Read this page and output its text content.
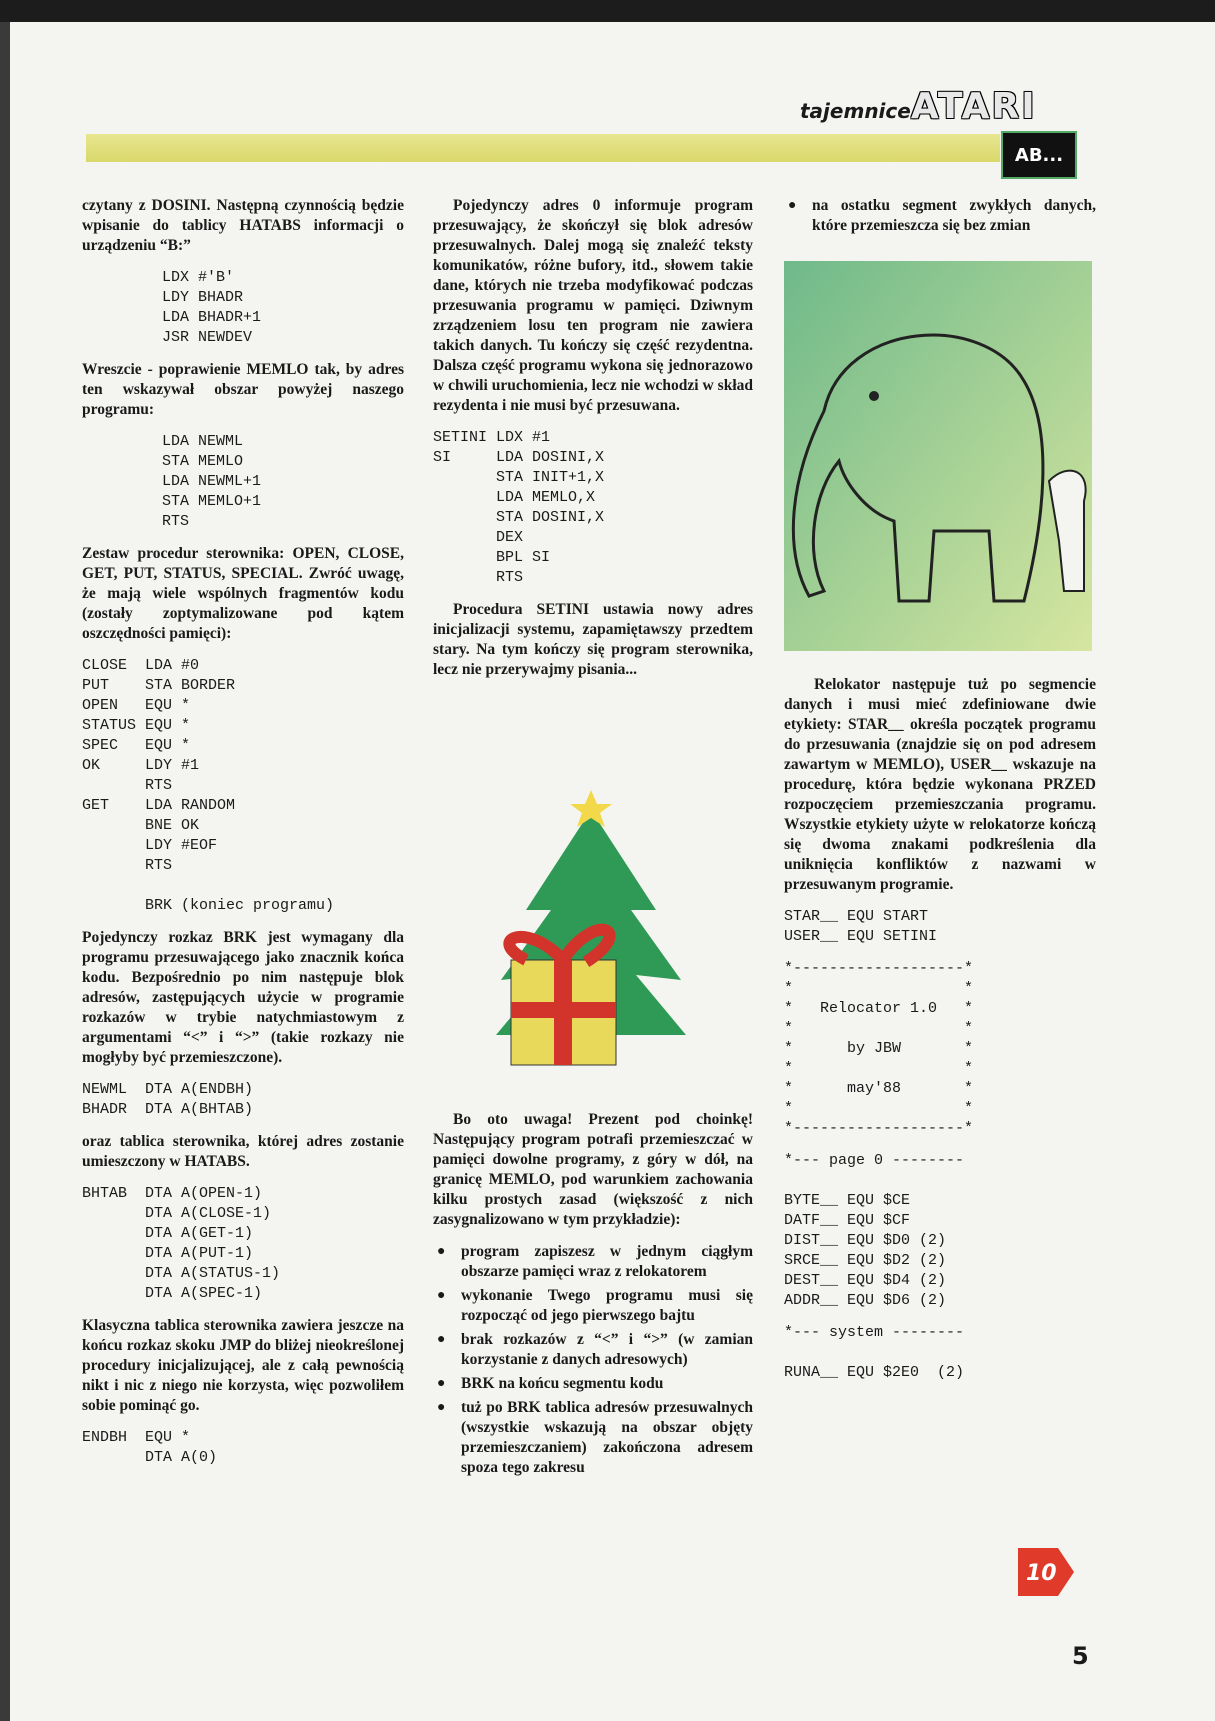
tajemniceATARI
AB...

czytany z DOSINI. Następną czynnością będzie wpisanie do tablicy HATABS informacji o urządzeniu “B:”

LDX #'B'
LDY BHADR
LDA BHADR+1
JSR NEWDEV

Wreszcie - poprawienie MEMLO tak, by adres ten wskazywał obszar powyżej naszego programu:

LDA NEWML
STA MEMLO
LDA NEWML+1
STA MEMLO+1
RTS

Zestaw procedur sterownika: OPEN, CLOSE, GET, PUT, STATUS, SPECIAL. Zwróć uwagę, że mają wiele wspólnych fragmentów kodu (zostały zoptymalizowane pod kątem oszczędności pamięci):

CLOSE  LDA #0
PUT    STA BORDER
OPEN   EQU *
STATUS EQU *
SPEC   EQU *
OK     LDY #1
RTS
GET    LDA RANDOM
BNE OK
LDY #EOF
RTS

BRK (koniec programu)

Pojedynczy rozkaz BRK jest wymagany dla programu przesuwającego jako znacznik końca kodu. Bezpośrednio po nim następuje blok adresów, zastępujących użycie w programie rozkazów w trybie natychmiastowym z argumentami “<” i “>” (takie rozkazy nie mogłyby być przemieszczone).

NEWML  DTA A(ENDBH)
BHADR  DTA A(BHTAB)

oraz tablica sterownika, której adres zostanie umieszczony w HATABS.

BHTAB  DTA A(OPEN-1)
DTA A(CLOSE-1)
DTA A(GET-1)
DTA A(PUT-1)
DTA A(STATUS-1)
DTA A(SPEC-1)

Klasyczna tablica sterownika zawiera jeszcze na końcu rozkaz skoku JMP do bliżej nieokreślonej procedury inicjalizującej, ale z całą pewnością nikt i nic z niego nie korzysta, więc pozwoliłem sobie pominąć go.

ENDBH  EQU *
DTA A(0)

Pojedynczy adres 0 informuje program przesuwający, że skończył się blok adresów przesuwalnych. Dalej mogą się znaleźć teksty komunikatów, różne bufory, itd., słowem takie dane, których nie trzeba modyfikować podczas przesuwania programu w pamięci. Dziwnym zrządzeniem losu ten program nie zawiera takich danych. Tu kończy się część rezydentna. Dalsza część programu wykona się jednorazowo w chwili uruchomienia, lecz nie wchodzi w skład rezydenta i nie musi być przesuwana.

SETINI LDX #1
SI     LDA DOSINI,X
STA INIT+1,X
LDA MEMLO,X
STA DOSINI,X
DEX
BPL SI
RTS

Procedura SETINI ustawia nowy adres inicjalizacji systemu, zapamiętawszy przedtem stary. Na tym kończy się program sterownika, lecz nie przerywajmy pisania...

Bo oto uwaga! Prezent pod choinkę! Następujący program potrafi przemieszczać w pamięci dowolne programy, z góry w dół, na granicę MEMLO, pod warunkiem zachowania kilku prostych zasad (większość z nich zasygnalizowano w tym przykładzie):

● program zapiszesz w jednym ciągłym obszarze pamięci wraz z relokatorem
● wykonanie Twego programu musi się rozpocząć od jego pierwszego bajtu
● brak rozkazów z “<” i “>” (w zamian korzystanie z danych adresowych)
● BRK na końcu segmentu kodu
● tuż po BRK tablica adresów przesuwalnych (wszystkie wskazują na obszar objęty przemieszczaniem) zakończona adresem spoza tego zakresu
● na ostatku segment zwykłych danych, które przemieszcza się bez zmian

Relokator następuje tuż po segmencie danych i musi mieć zdefiniowane dwie etykiety: STAR__ określa początek programu do przesuwania (znajdzie się on pod adresem zawartym w MEMLO), USER__ wskazuje na procedurę, która będzie wykonana PRZED rozpoczęciem przemieszczania programu. Wszystkie etykiety użyte w relokatorze kończą się dwoma znakami podkreślenia dla uniknięcia konfliktów z nazwami w przesuwanym programie.

STAR__ EQU START
USER__ EQU SETINI
*-------------------*
*                   *
*   Relocator 1.0   *
*                   *
*      by JBW       *
*                   *
*      may'88       *
*                   *
*-------------------*
*--- page 0 --------

BYTE__ EQU $CE
DATF__ EQU $CF
DIST__ EQU $D0 (2)
SRCE__ EQU $D2 (2)
DEST__ EQU $D4 (2)
ADDR__ EQU $D6 (2)
*--- system --------

RUNA__ EQU $2E0  (2)
10
5
